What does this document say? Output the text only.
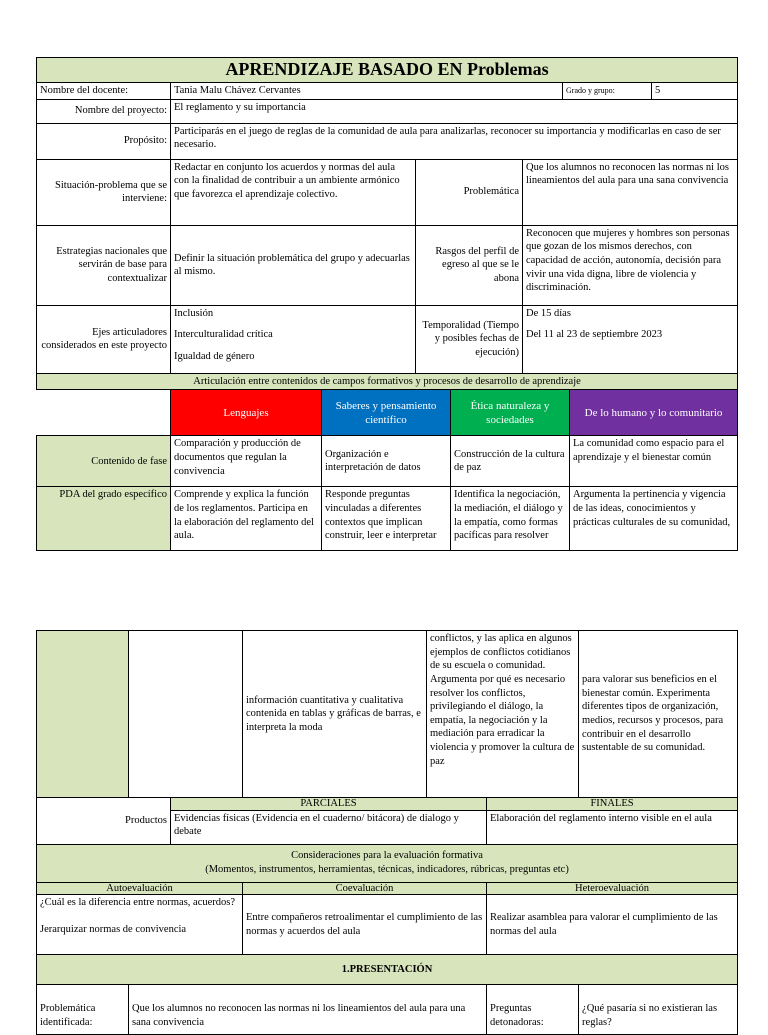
APRENDIZAJE BASADO EN Problemas								
Nombre del docente:	Tania Malu Chávez Cervantes					Grado y grupo:		5
Nombre del proyecto:	El reglamento y su importancia							
Propósito:	Participarás en el juego de reglas de la comunidad de aula para analizarlas, reconocer su importancia y modificarlas en caso de ser necesario.							
Situación-problema que se intervienе:	Redactar en conjunto los acuerdos y normas del aula con la finalidad de contribuir a un ambiente armónico que favorezca el aprendizaje colectivo.		Problemática		Que los alumnos no reconocen las normas ni los lineamientos del aula para una sana convivencia			
Estrategias nacionales que servirán de base para contextualizar	Definir la situación problemática del grupo y adecuarlas al mismo.		Rasgos del perfil de egreso al que se le abona		Reconocen que mujeres y hombres son personas que gozan de los mismos derechos, con capacidad de acción, autonomía, decisión para vivir una vida digna, libre de violencia y discriminación.			
Ejes articuladores considerados en este proyecto	Inclusión
Interculturalidad crítica
Igualdad de género		Temporalidad (Tiempo y posibles fechas de ejecución)		De 15 días
Del 11 al 23 de septiembre 2023			

Articulación entre contenidos de campos formativos y procesos de desarrollo de aprendizaje								
	Lenguajes	Saberes y pensamiento científico		Ética naturaleza y sociedades			De lo humano y lo comunitario	
Contenido de fase	Comparación y producción de documentos que regulan la convivencia	Organización e interpretación de datos		Construcción de la cultura de paz			La comunidad como espacio para el aprendizaje y el bienestar común	
PDA del grado específico	Comprende y explica la función de los reglamentos. Participa en la elaboración del reglamento del aula.	Responde preguntas vinculadas a diferentes contextos que implican construir, leer e interpretar		Identifica la negociación, la mediación, el diálogo y la empatía, como formas pacíficas para resolver			Argumenta la pertinencia y vigencia de las ideas, conocimientos y prácticas culturales de su comunidad,	
			información cuantitativa y cualitativa contenida en tablas y gráficas de barras, e interpreta la moda	conflictos, y las aplica en algunos ejemplos de conflictos cotidianos de su escuela o comunidad. Argumenta por qué es necesario resolver los conflictos, privilegiando el diálogo, la empatía, la negociación y la mediación para erradicar la violencia y promover la cultura de paz		para valorar sus beneficios en el bienestar común. Experimenta diferentes tipos de organización, medios, recursos y procesos, para contribuir en el desarrollo sustentable de su comunidad.
Productos		PARCIALES			FINALES	
		Evidencias físicas (Evidencia en el cuaderno/ bitácora) de dialogo y debate			Elaboración del reglamento interno visible en el aula	
Consideraciones para la evaluación formativa
(Momentos, instrumentos, herramientas, técnicas, indicadores, rúbricas, preguntas etc)						
Autoevaluación			Coevaluación		Heteroevaluación	
¿Cuál es la diferencia entre normas, acuerdos?

Jerarquizar normas de convivencia			Entre compañeros retroalimentar el cumplimiento de las normas y acuerdos del aula		Realizar asamblea para valorar el cumplimiento de las normas del aula	
1.PRESENTACIÓN						
Problemática identificada:	Que los alumnos no reconocen las normas ni los lineamientos del aula para una sana convivencia				Preguntas detonadoras:	¿Qué pasaría si no existieran las reglas?
